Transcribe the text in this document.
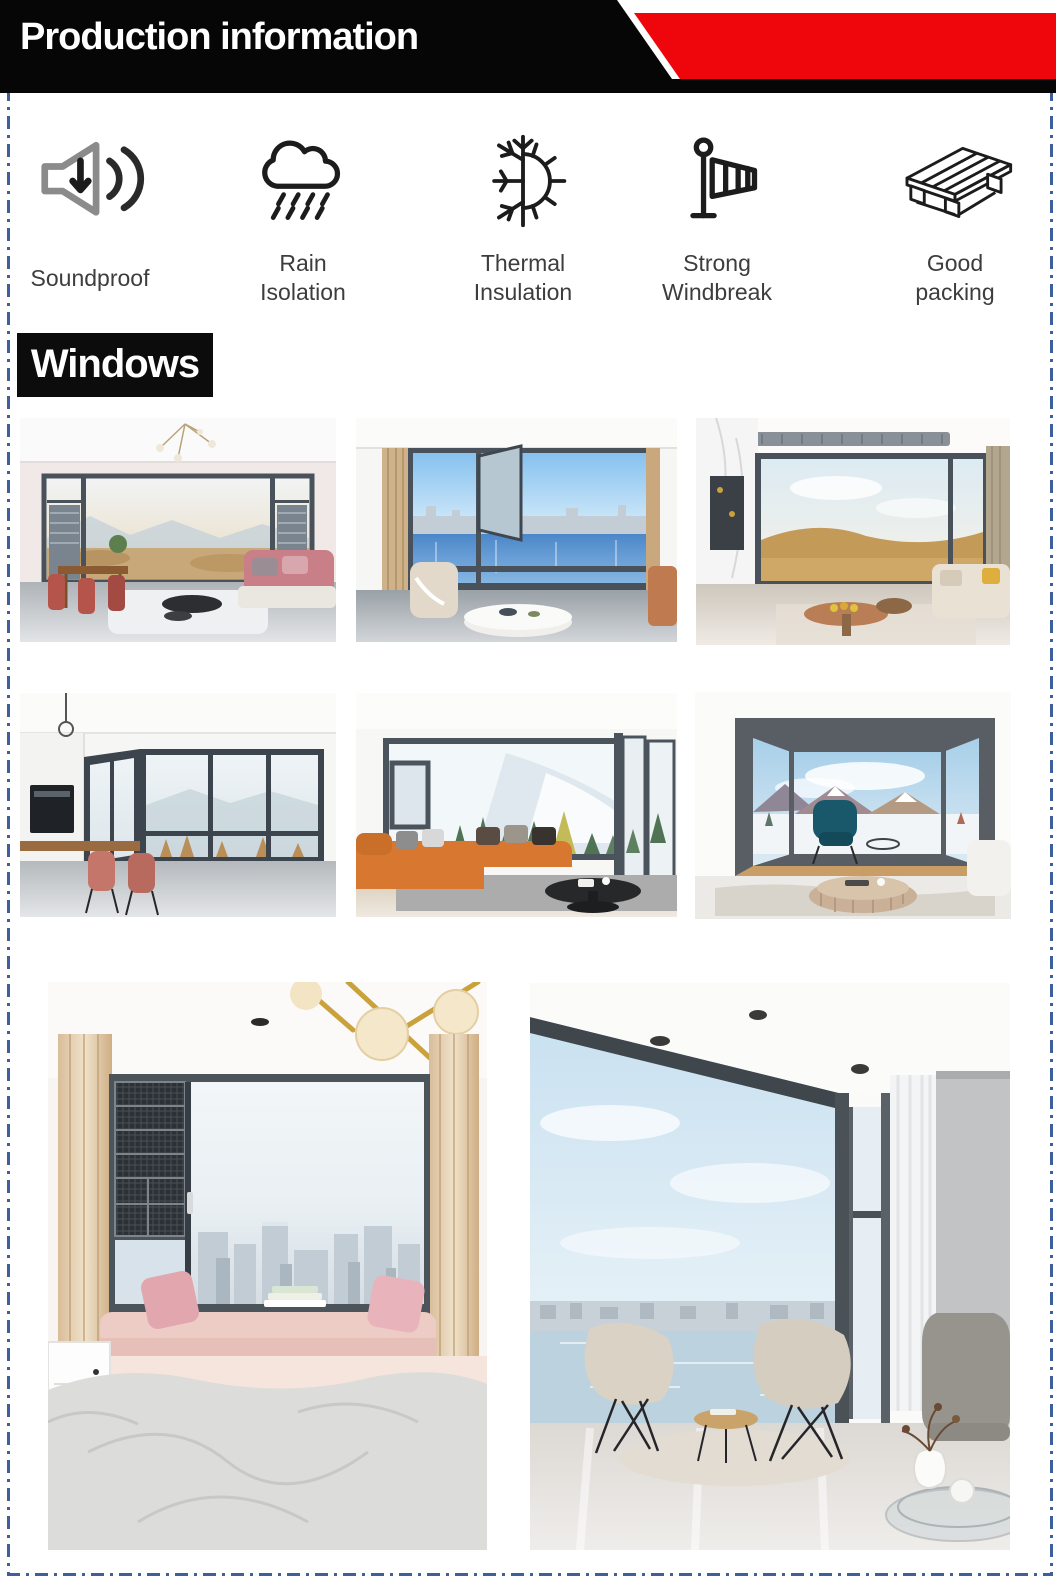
Production information
Soundproof
Rain
Isolation
Thermal
Insulation
Strong
Windbreak
Good
packing
Windows
